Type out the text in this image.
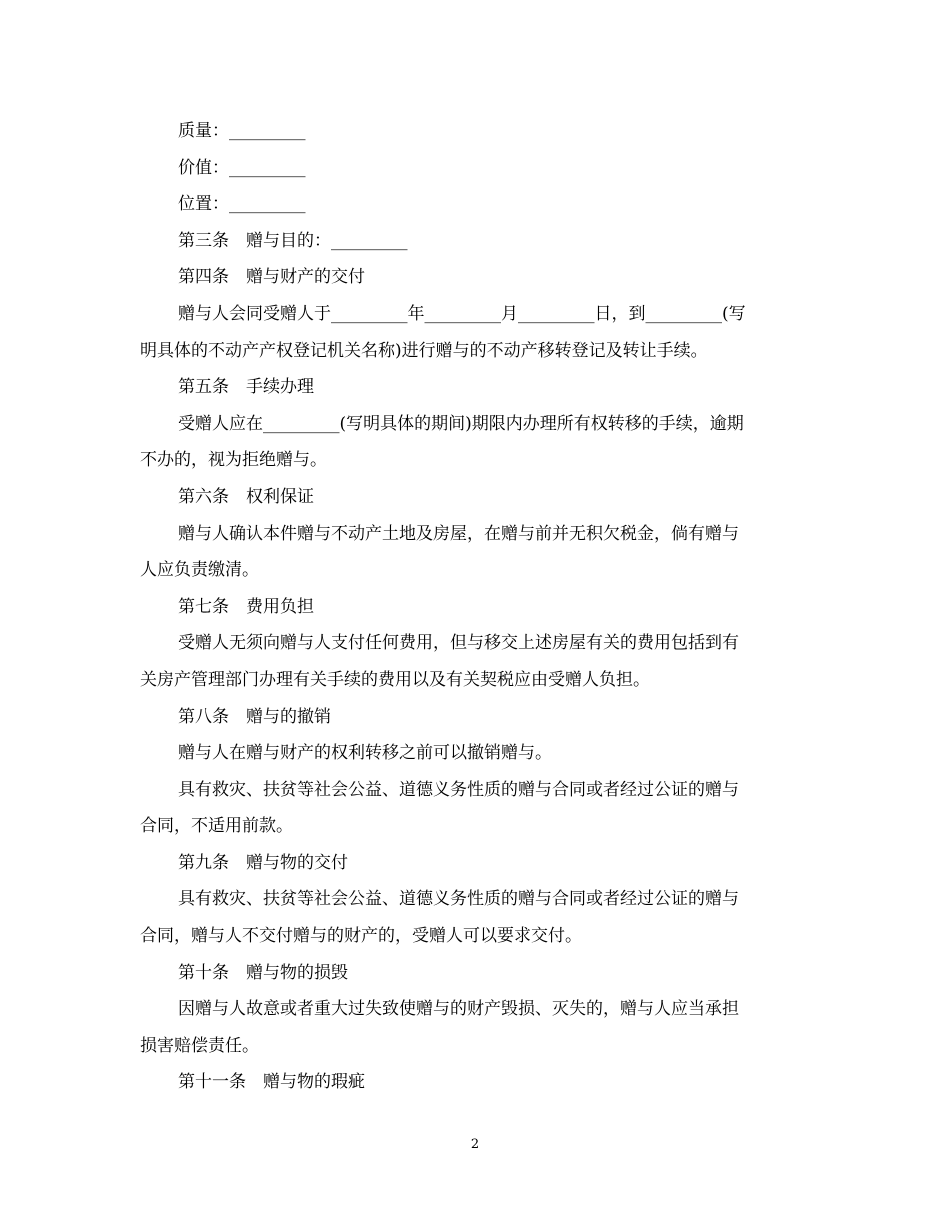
质量：_________
价值：_________
位置：_________
第三条　赠与目的：_________
第四条　赠与财产的交付
赠与人会同受赠人于_________年_________月_________日，到_________(写
明具体的不动产产权登记机关名称)进行赠与的不动产移转登记及转让手续。
第五条　手续办理
受赠人应在_________(写明具体的期间)期限内办理所有权转移的手续，逾期
不办的，视为拒绝赠与。
第六条　权利保证
赠与人确认本件赠与不动产土地及房屋，在赠与前并无积欠税金，倘有赠与
人应负责缴清。
第七条　费用负担
受赠人无须向赠与人支付任何费用，但与移交上述房屋有关的费用包括到有
关房产管理部门办理有关手续的费用以及有关契税应由受赠人负担。
第八条　赠与的撤销
赠与人在赠与财产的权利转移之前可以撤销赠与。
具有救灾、扶贫等社会公益、道德义务性质的赠与合同或者经过公证的赠与
合同，不适用前款。
第九条　赠与物的交付
具有救灾、扶贫等社会公益、道德义务性质的赠与合同或者经过公证的赠与
合同，赠与人不交付赠与的财产的，受赠人可以要求交付。
第十条　赠与物的损毁
因赠与人故意或者重大过失致使赠与的财产毁损、灭失的，赠与人应当承担
损害赔偿责任。
第十一条　赠与物的瑕疵
2
